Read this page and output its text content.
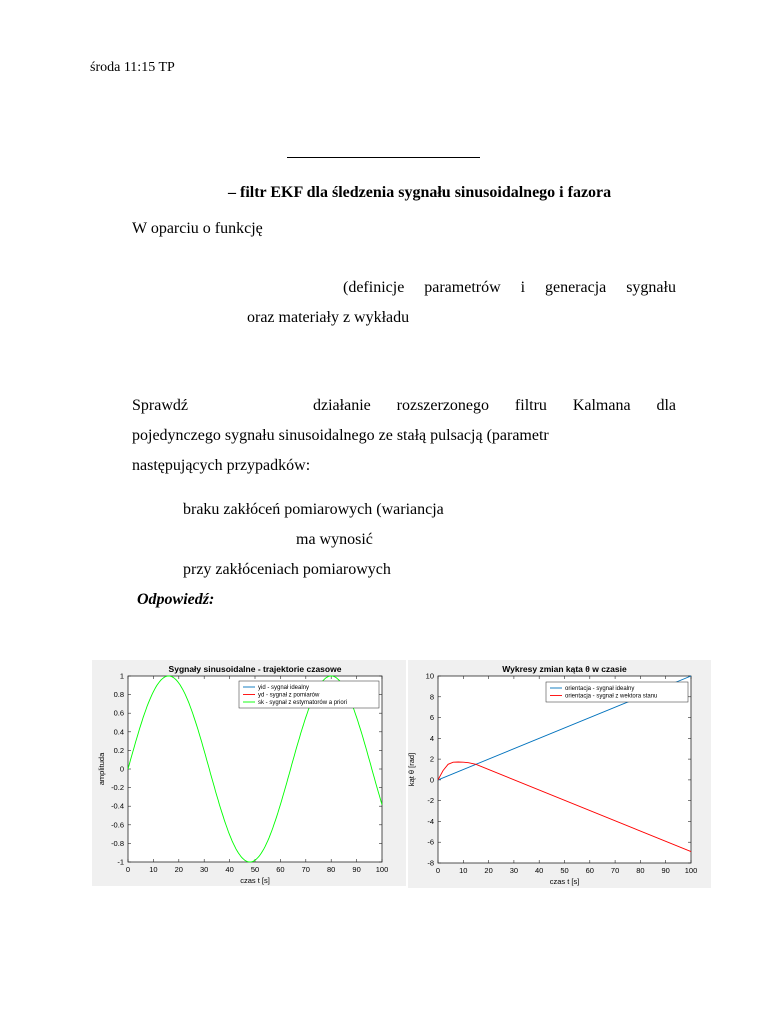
środa 11:15 TP
– filtr EKF dla śledzenia sygnału sinusoidalnego i fazora
W oparciu o funkcję
(definicje parametrów i generacja sygnału
oraz materiały z wykładu
Sprawdź	działanie rozszerzonego filtru Kalmana dla
pojedynczego sygnału sinusoidalnego ze stałą pulsacją (parametr
następujących przypadków:
braku zakłóceń pomiarowych (wariancja
ma wynosić
przy zakłóceniach pomiarowych
Odpowiedź:
Sygnały sinusoidalne - trajektorie czasowe
0	10 20 30 40 50 60 70 80 90 100
-1
-0.8
-0.6
-0.4
-0.2
0
0.2
0.4
0.6
0.8
1
czas t [s]
amplituda
yid - sygnał idealny
yd - sygnał z pomiarów
sk - sygnał z estymatorów a priori
Wykresy zmian kąta θ w czasie
0	10 20 30 40 50 60 70 80 90 100
-8
-6
-4
-2
0
2
4
6
8
10
czas t [s]
kąt θ [rad]
orientacja - sygnał idealny
orientacja - sygnał z wektora stanu
